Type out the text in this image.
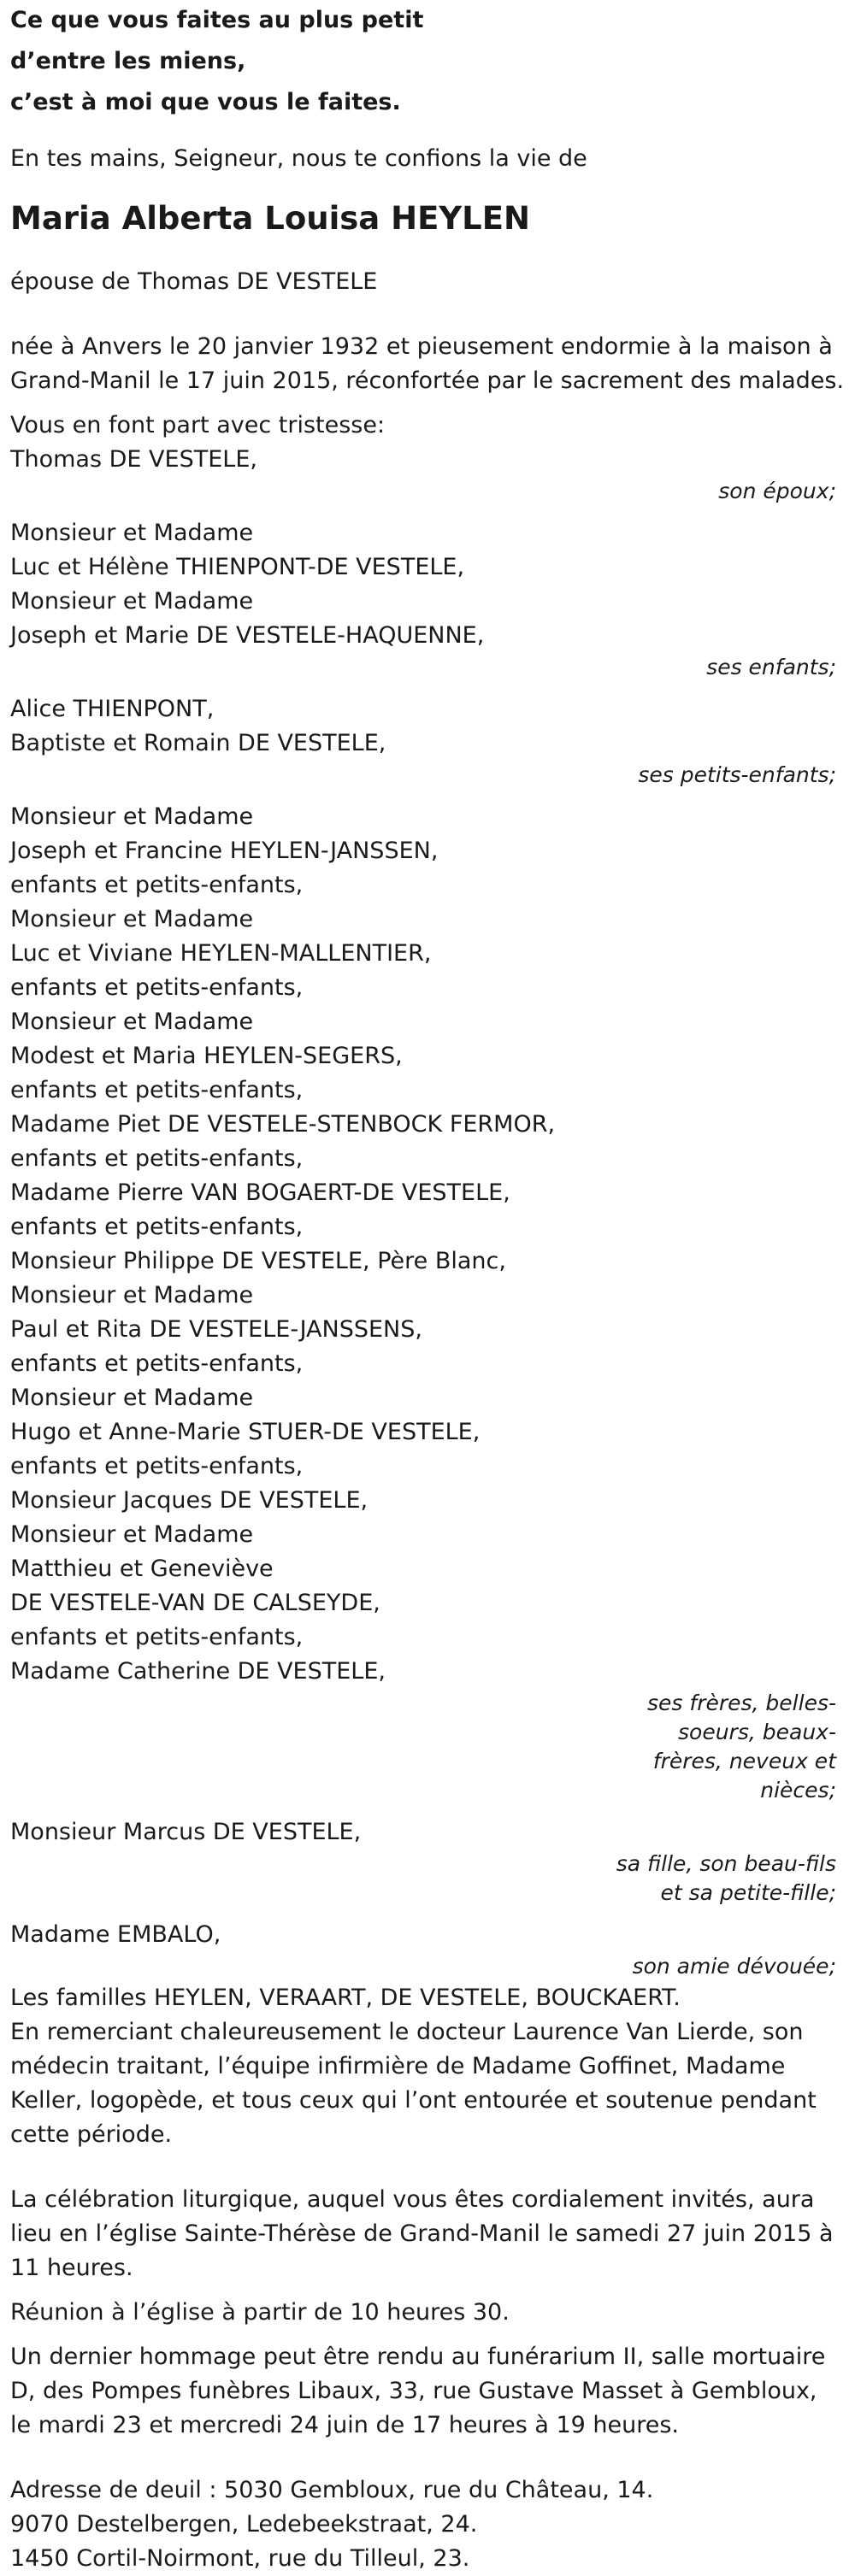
Ce que vous faites au plus petit
d’entre les miens,
c’est à moi que vous le faites.
En tes mains, Seigneur, nous te confions la vie de
Maria Alberta Louisa HEYLEN
épouse de Thomas DE VESTELE

née à Anvers le 20 janvier 1932 et pieusement endormie à la maison à Grand-Manil le 17 juin 2015, réconfortée par le sacrement des malades.

Vous en font part avec tristesse:
Thomas DE VESTELE,
son époux;
Monsieur et Madame
Luc et Hélène THIENPONT-DE VESTELE,
Monsieur et Madame
Joseph et Marie DE VESTELE-HAQUENNE,
ses enfants;
Alice THIENPONT,
Baptiste et Romain DE VESTELE,
ses petits-enfants;
Monsieur et Madame
Joseph et Francine HEYLEN-JANSSEN,
enfants et petits-enfants,
Monsieur et Madame
Luc et Viviane HEYLEN-MALLENTIER,
enfants et petits-enfants,
Monsieur et Madame
Modest et Maria HEYLEN-SEGERS,
enfants et petits-enfants,
Madame Piet DE VESTELE-STENBOCK FERMOR,
enfants et petits-enfants,
Madame Pierre VAN BOGAERT-DE VESTELE,
enfants et petits-enfants,
Monsieur Philippe DE VESTELE, Père Blanc,
Monsieur et Madame
Paul et Rita DE VESTELE-JANSSENS,
enfants et petits-enfants,
Monsieur et Madame
Hugo et Anne-Marie STUER-DE VESTELE,
enfants et petits-enfants,
Monsieur Jacques DE VESTELE,
Monsieur et Madame
Matthieu et Geneviève
DE VESTELE-VAN DE CALSEYDE,
enfants et petits-enfants,
Madame Catherine DE VESTELE,
ses frères, belles-soeurs, beaux-frères, neveux et nièces;
Monsieur Marcus DE VESTELE,
sa fille, son beau-fils et sa petite-fille;
Madame EMBALO,
son amie dévouée;
Les familles HEYLEN, VERAART, DE VESTELE, BOUCKAERT.

En remerciant chaleureusement le docteur Laurence Van Lierde, son médecin traitant, l’équipe infirmière de Madame Goffinet, Madame Keller, logopède, et tous ceux qui l’ont entourée et soutenue pendant cette période.

La célébration liturgique, auquel vous êtes cordialement invités, aura lieu en l’église Sainte-Thérèse de Grand-Manil le samedi 27 juin 2015 à 11 heures.

Réunion à l’église à partir de 10 heures 30.

Un dernier hommage peut être rendu au funérarium II, salle mortuaire D, des Pompes funèbres Libaux, 33, rue Gustave Masset à Gembloux, le mardi 23 et mercredi 24 juin de 17 heures à 19 heures.

Adresse de deuil : 5030 Gembloux, rue du Château, 14.
9070 Destelbergen, Ledebeekstraat, 24.
1450 Cortil-Noirmont, rue du Tilleul, 23.
